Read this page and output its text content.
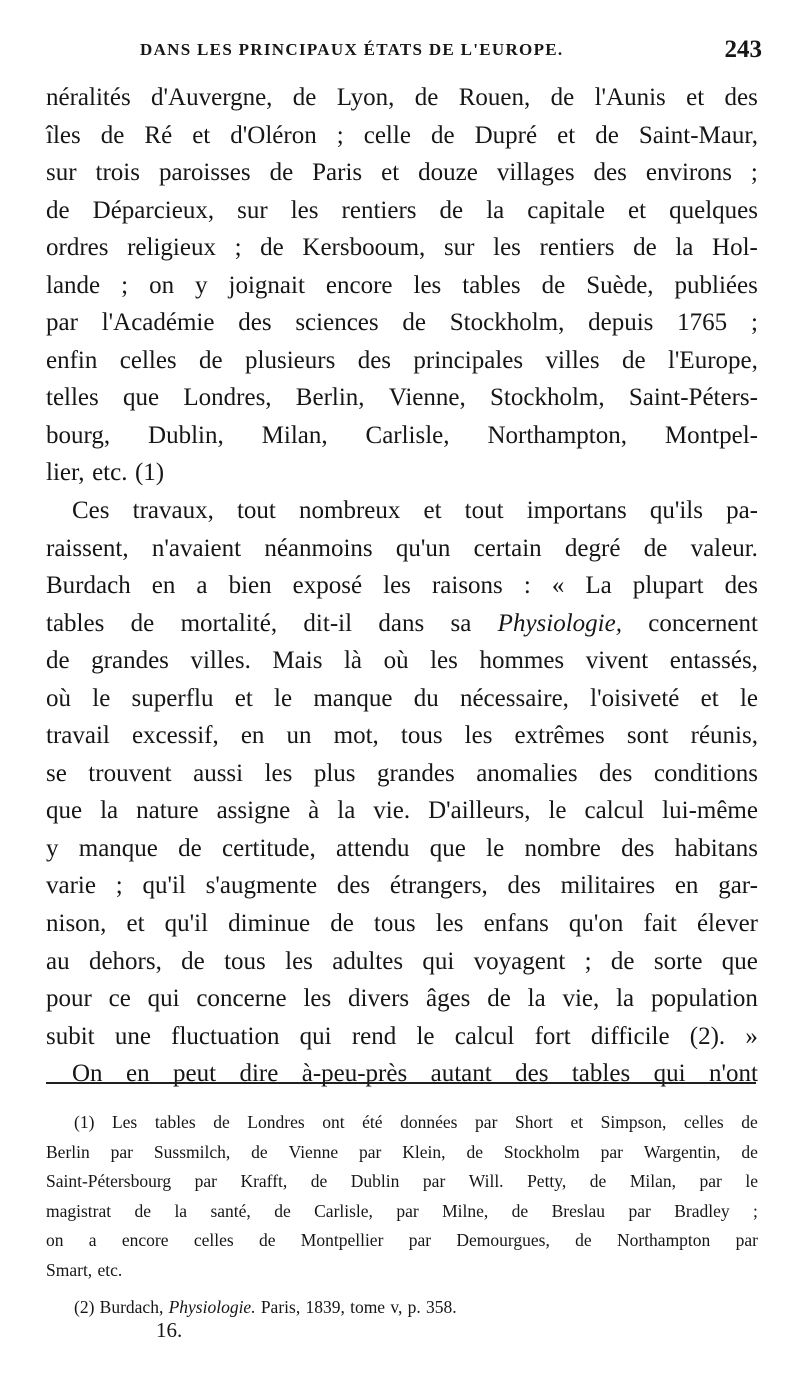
DANS LES PRINCIPAUX ÉTATS DE L'EUROPE.	243
néralités d'Auvergne, de Lyon, de Rouen, de l'Aunis et des
îles de Ré et d'Oléron ; celle de Dupré et de Saint-Maur,
sur trois paroisses de Paris et douze villages des environs ;
de Déparcieux, sur les rentiers de la capitale et quelques
ordres religieux ; de Kersbooum, sur les rentiers de la Hol-
lande ; on y joignait encore les tables de Suède, publiées
par l'Académie des sciences de Stockholm, depuis 1765 ;
enfin celles de plusieurs des principales villes de l'Europe,
telles que Londres, Berlin, Vienne, Stockholm, Saint-Péters-
bourg, Dublin, Milan, Carlisle, Northampton, Montpel-
lier, etc. (1)
Ces travaux, tout nombreux et tout importans qu'ils pa-
raissent, n'avaient néanmoins qu'un certain degré de valeur.
Burdach en a bien exposé les raisons : « La plupart des
tables de mortalité, dit-il dans sa Physiologie, concernent
de grandes villes. Mais là où les hommes vivent entassés,
où le superflu et le manque du nécessaire, l'oisiveté et le
travail excessif, en un mot, tous les extrêmes sont réunis,
se trouvent aussi les plus grandes anomalies des conditions
que la nature assigne à la vie. D'ailleurs, le calcul lui-même
y manque de certitude, attendu que le nombre des habitans
varie ; qu'il s'augmente des étrangers, des militaires en gar-
nison, et qu'il diminue de tous les enfans qu'on fait élever
au dehors, de tous les adultes qui voyagent ; de sorte que
pour ce qui concerne les divers âges de la vie, la population
subit une fluctuation qui rend le calcul fort difficile (2). »
On en peut dire à-peu-près autant des tables qui n'ont
(1) Les tables de Londres ont été données par Short et Simpson, celles de
Berlin par Sussmilch, de Vienne par Klein, de Stockholm par Wargentin, de
Saint-Pétersbourg par Krafft, de Dublin par Will. Petty, de Milan, par le
magistrat de la santé, de Carlisle, par Milne, de Breslau par Bradley ;
on a encore celles de Montpellier par Demourgues, de Northampton par
Smart, etc.
(2) Burdach, Physiologie. Paris, 1839, tome v, p. 358.
16.
